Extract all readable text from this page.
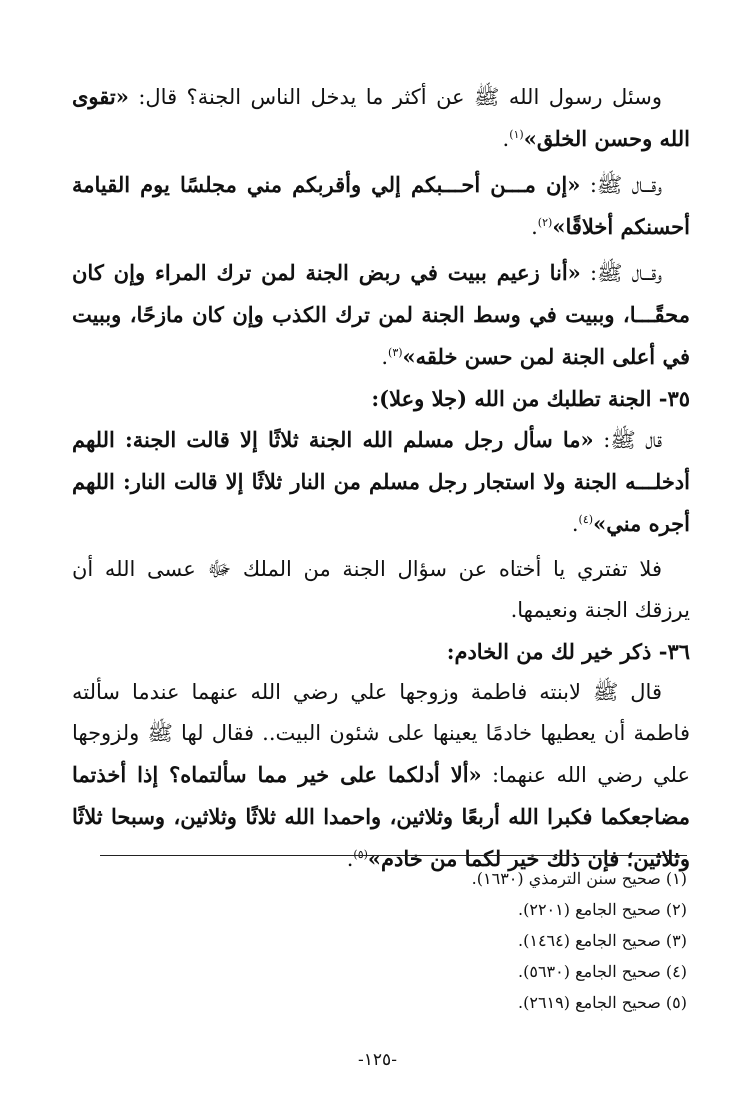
وسئل رسول الله ﷺ عن أكثر ما يدخل الناس الجنة؟ قال: «تقوى الله وحسن الخلق»$^{(١)}$.

وقـــال ﷺ: «إن مـــن أحـــبكم إلي وأقربكم مني مجلسًا يوم القيامة أحسنكم أخلاقًا»$^{(٢)}$.

وقـــال ﷺ: «أنا زعيم ببيت في ربض الجنة لمن ترك المراء وإن كان محقًـــا، وببيت في وسط الجنة لمن ترك الكذب وإن كان مازحًا، وببيت في أعلى الجنة لمن حسن خلقه»$^{(٣)}$.

٣٥- الجنة تطلبك من الله (جلا وعلا):

قال ﷺ: «ما سأل رجل مسلم الله الجنة ثلاثًا إلا قالت الجنة: اللهم أدخلـــه الجنة ولا استجار رجل مسلم من النار ثلاثًا إلا قالت النار: اللهم أجره مني»$^{(٤)}$.

فلا تفتري يا أختاه عن سؤال الجنة من الملك ﷻ عسى الله أن يرزقك الجنة ونعيمها.

٣٦- ذكر خير لك من الخادم:

قال ﷺ لابنته فاطمة وزوجها علي رضي الله عنهما عندما سألته فاطمة أن يعطيها خادمًا يعينها على شئون البيت.. فقال لها ﷺ ولزوجها علي رضي الله عنهما: «ألا أدلكما على خير مما سألتماه؟ إذا أخذتما مضاجعكما فكبرا الله أربعًا وثلاثين، واحمدا الله ثلاثًا وثلاثين، وسبحا ثلاثًا وثلاثين؛ فإن ذلك خير لكما من خادم»$^{(٥)}$.

(١) صحيح سنن الترمذي (١٦٣٠).
(٢) صحيح الجامع (٢٢٠١).
(٣) صحيح الجامع (١٤٦٤).
(٤) صحيح الجامع (٥٦٣٠).
(٥) صحيح الجامع (٢٦١٩).
-١٢٥-
